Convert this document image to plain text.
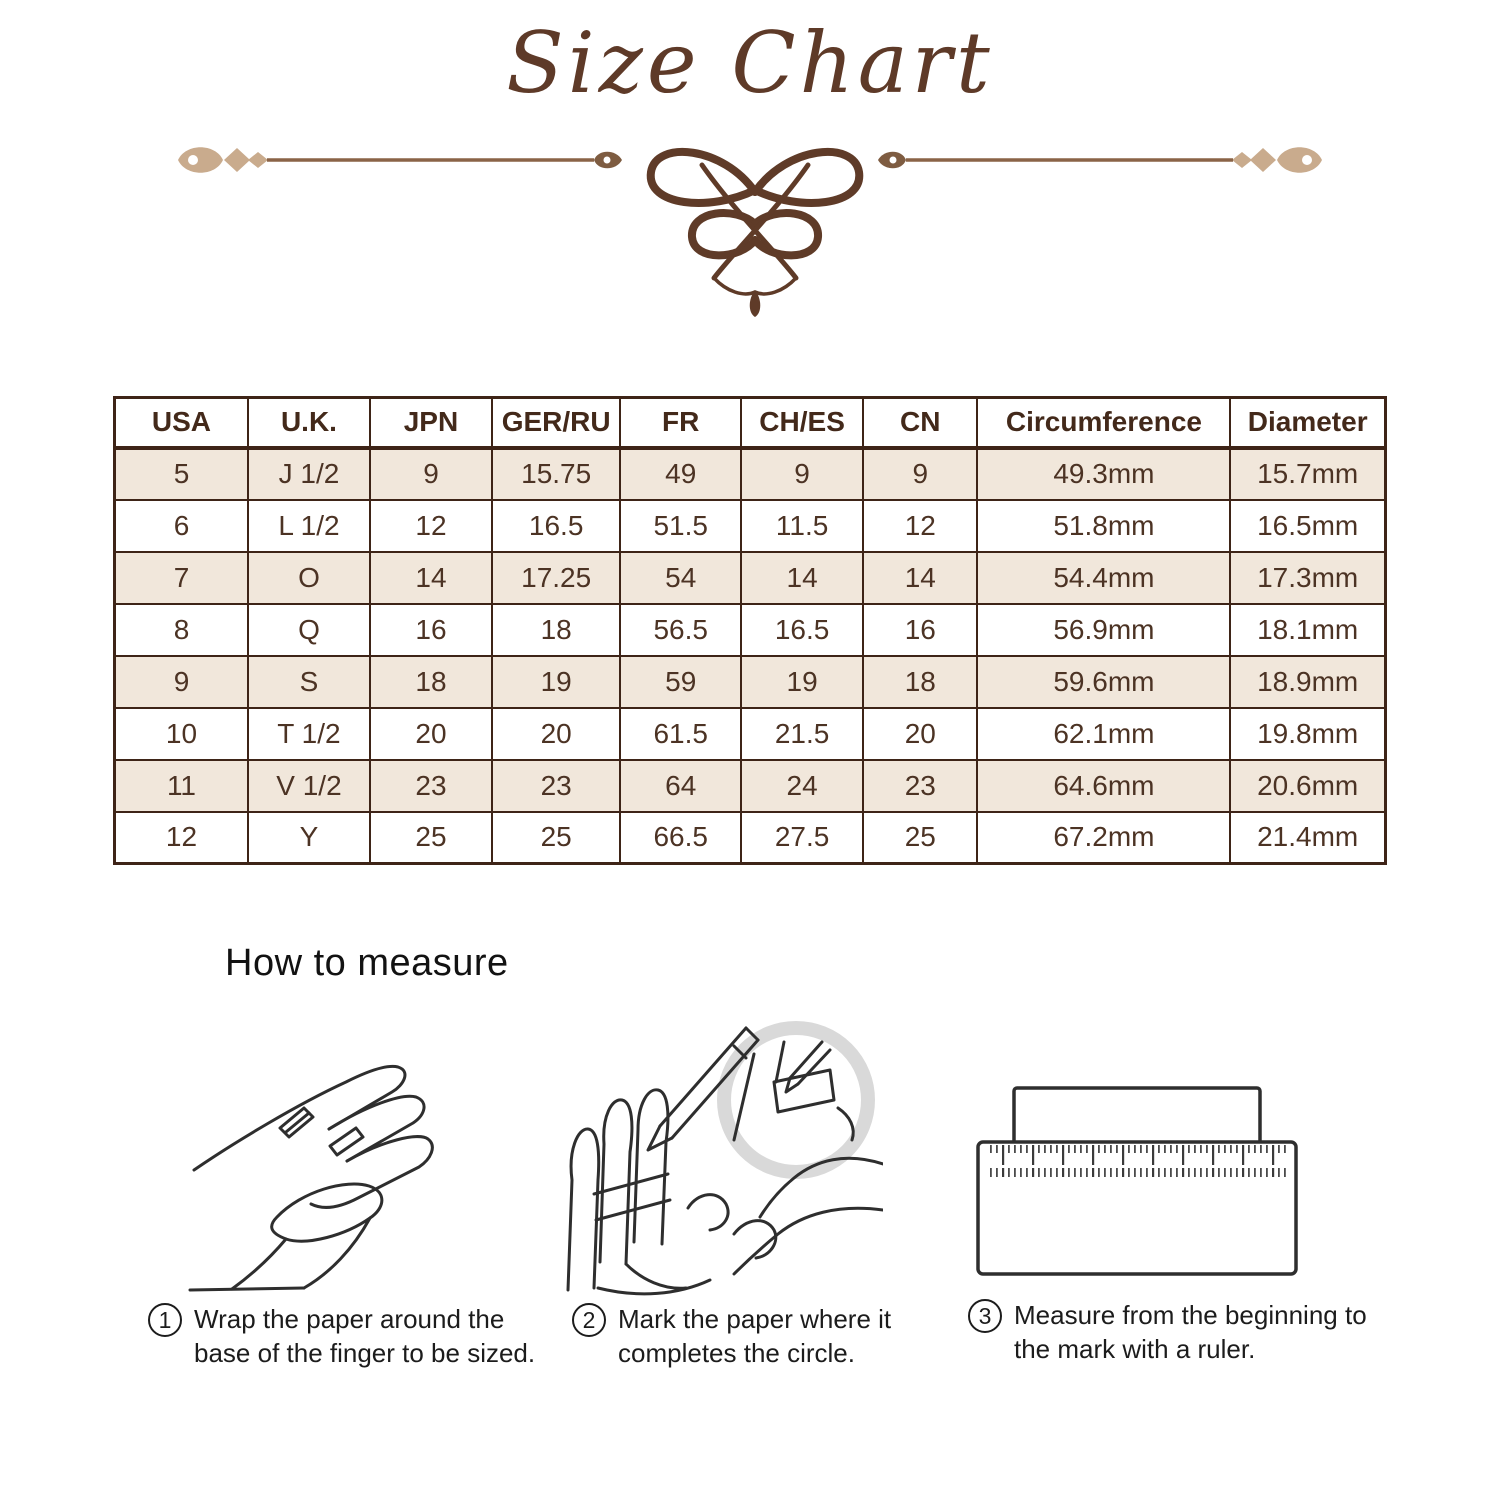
Size Chart
USA	U.K.	JPN	GER/RU	FR	CH/ES	CN	Circumference	Diameter
5	J 1/2	9	15.75	49	9	9	49.3mm	15.7mm
6	L 1/2	12	16.5	51.5	11.5	12	51.8mm	16.5mm
7	O	14	17.25	54	14	14	54.4mm	17.3mm
8	Q	16	18	56.5	16.5	16	56.9mm	18.1mm
9	S	18	19	59	19	18	59.6mm	18.9mm
10	T 1/2	20	20	61.5	21.5	20	62.1mm	19.8mm
11	V 1/2	23	23	64	24	23	64.6mm	20.6mm
12	Y	25	25	66.5	27.5	25	67.2mm	21.4mm
How to measure
1 Wrap the paper around the base of the finger to be sized.
2 Mark the paper where it completes the circle.
3 Measure from the beginning to the mark with a ruler.
